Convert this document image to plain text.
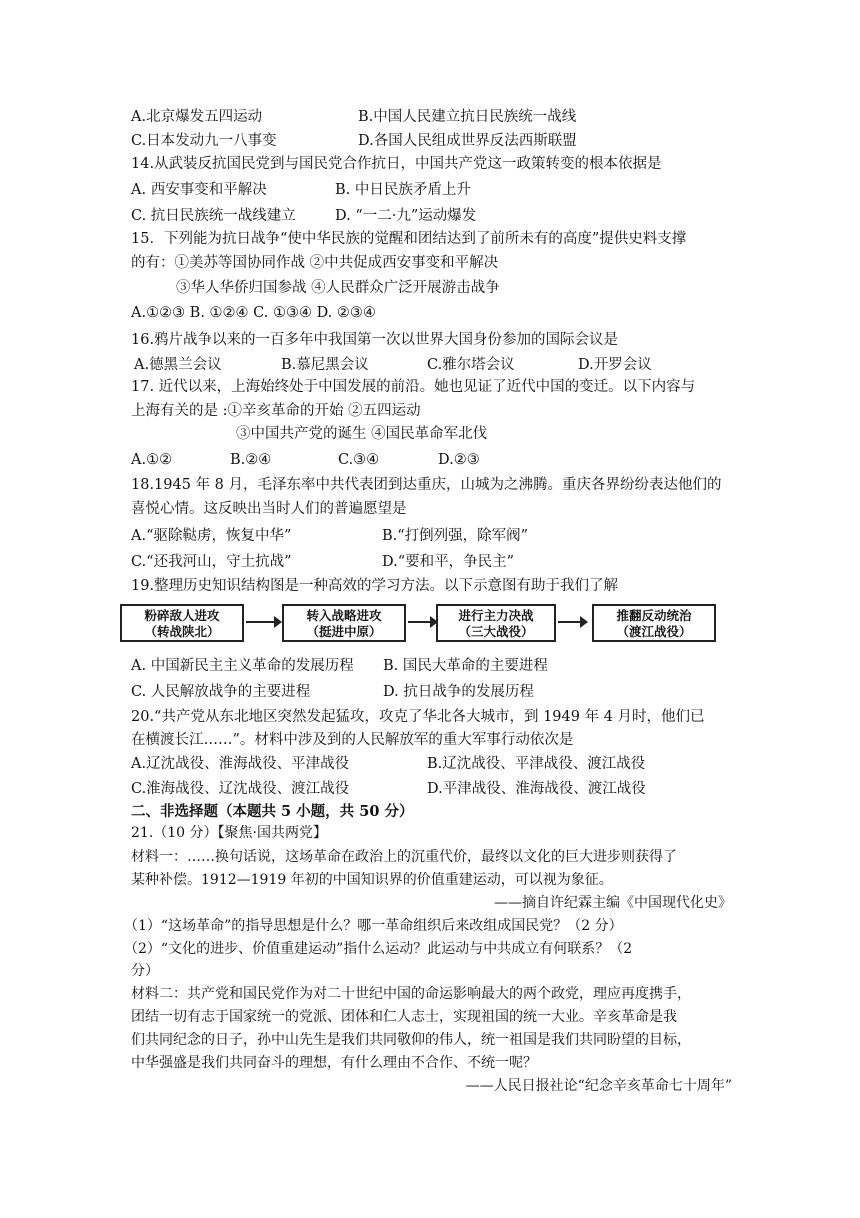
A.北京爆发五四运动	B.中国人民建立抗日民族统一战线
C.日本发动九一八事变	D.各国人民组成世界反法西斯联盟
14.从武装反抗国民党到与国民党合作抗日，中国共产党这一政策转变的根本依据是
A. 西安事变和平解决	B. 中日民族矛盾上升
C. 抗日民族统一战线建立	D. “一二·九”运动爆发
15．下列能为抗日战争“使中华民族的觉醒和团结达到了前所未有的高度”提供史料支撑
的有：①美苏等国协同作战 ②中共促成西安事变和平解决
③华人华侨归国参战 ④人民群众广泛开展游击战争
A.①②③ B. ①②④ C. ①③④ D. ②③④
16.鸦片战争以来的一百多年中我国第一次以世界大国身份参加的国际会议是
A.德黑兰会议	B.慕尼黑会议	C.雅尔塔会议	D.开罗会议
17. 近代以来，上海始终处于中国发展的前沿。她也见证了近代中国的变迁。以下内容与
上海有关的是 :①辛亥革命的开始 ②五四运动
③中国共产党的诞生 ④国民革命军北伐
A.①②	B.②④	C.③④	D.②③
18.1945 年 8 月，毛泽东率中共代表团到达重庆，山城为之沸腾。重庆各界纷纷表达他们的
喜悦心情。这反映出当时人们的普遍愿望是
A.“驱除鞑虏，恢复中华”	B.“打倒列强，除军阀”
C.“还我河山，守土抗战”	D.“要和平，争民主”
19.整理历史知识结构图是一种高效的学习方法。以下示意图有助于我们了解
粉碎敌人进攻
（转战陕北）
转入战略进攻
（挺进中原）
进行主力决战
（三大战役）
推翻反动统治
（渡江战役）
A. 中国新民主主义革命的发展历程 B. 国民大革命的主要进程
C. 人民解放战争的主要进程	D. 抗日战争的发展历程
20.“共产党从东北地区突然发起猛攻，攻克了华北各大城市，到 1949 年 4 月时，他们已
在横渡长江……”。材料中涉及到的人民解放军的重大军事行动依次是
A.辽沈战役、淮海战役、平津战役	B.辽沈战役、平津战役、渡江战役
C.淮海战役、辽沈战役、渡江战役	D.平津战役、淮海战役、渡江战役
二、非选择题（本题共 5 小题，共 50 分）
21.（10 分）【聚焦·国共两党】
材料一：……换句话说，这场革命在政治上的沉重代价，最终以文化的巨大进步则获得了
某种补偿。1912—1919 年初的中国知识界的价值重建运动，可以视为象征。
——摘自许纪霖主编《中国现代化史》
（1）“这场革命”的指导思想是什么？哪一革命组织后来改组成国民党？（2 分）
（2）“文化的进步、价值重建运动”指什么运动？此运动与中共成立有何联系？（2
分）
材料二：共产党和国民党作为对二十世纪中国的命运影响最大的两个政党，理应再度携手，
团结一切有志于国家统一的党派、团体和仁人志士，实现祖国的统一大业。辛亥革命是我
们共同纪念的日子，孙中山先生是我们共同敬仰的伟人，统一祖国是我们共同盼望的目标，
中华强盛是我们共同奋斗的理想，有什么理由不合作、不统一呢？
——人民日报社论“纪念辛亥革命七十周年”
